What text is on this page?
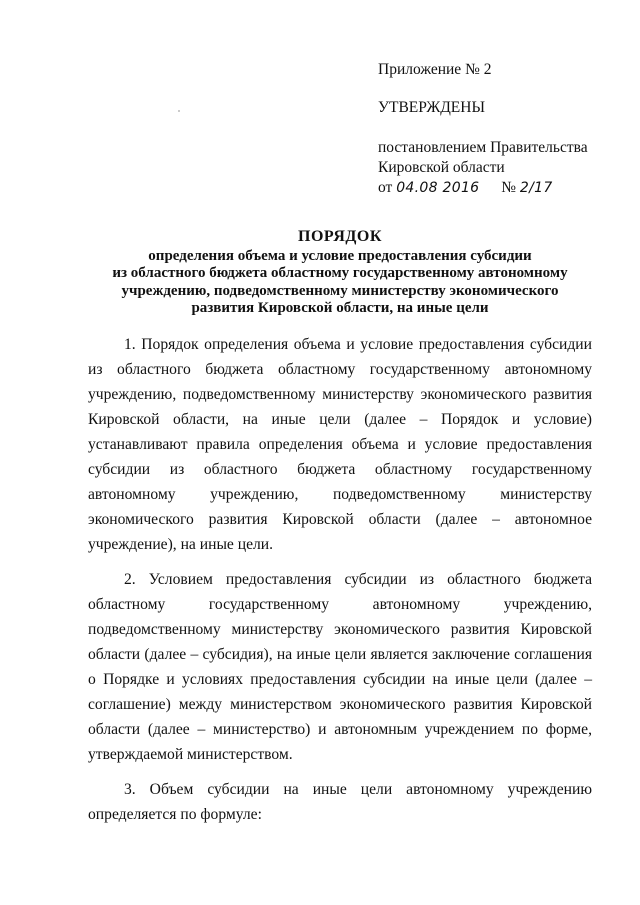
Приложение № 2
УТВЕРЖДЕНЫ
постановлением Правительства
Кировской области
от 04.08 2016 № 2/17
ПОРЯДОК
определения объема и условие предоставления субсидии
из областного бюджета областному государственному автономному
учреждению, подведомственному министерству экономического
развития Кировской области, на иные цели

1. Порядок определения объема и условие предоставления субсидии из областного бюджета областному государственному автономному учреждению, подведомственному министерству экономического развития Кировской области, на иные цели (далее – Порядок и условие) устанавливают правила определения объема и условие предоставления субсидии из областного бюджета областному государственному автономному учреждению, подведомственному министерству экономического развития Кировской области (далее – автономное учреждение), на иные цели.

2. Условием предоставления субсидии из областного бюджета областному государственному автономному учреждению, подведомственному министерству экономического развития Кировской области (далее – субсидия), на иные цели является заключение соглашения о Порядке и условиях предоставления субсидии на иные цели (далее – соглашение) между министерством экономического развития Кировской области (далее – министерство) и автономным учреждением по форме, утверждаемой министерством.

3. Объем субсидии на иные цели автономному учреждению определяется по формуле:
